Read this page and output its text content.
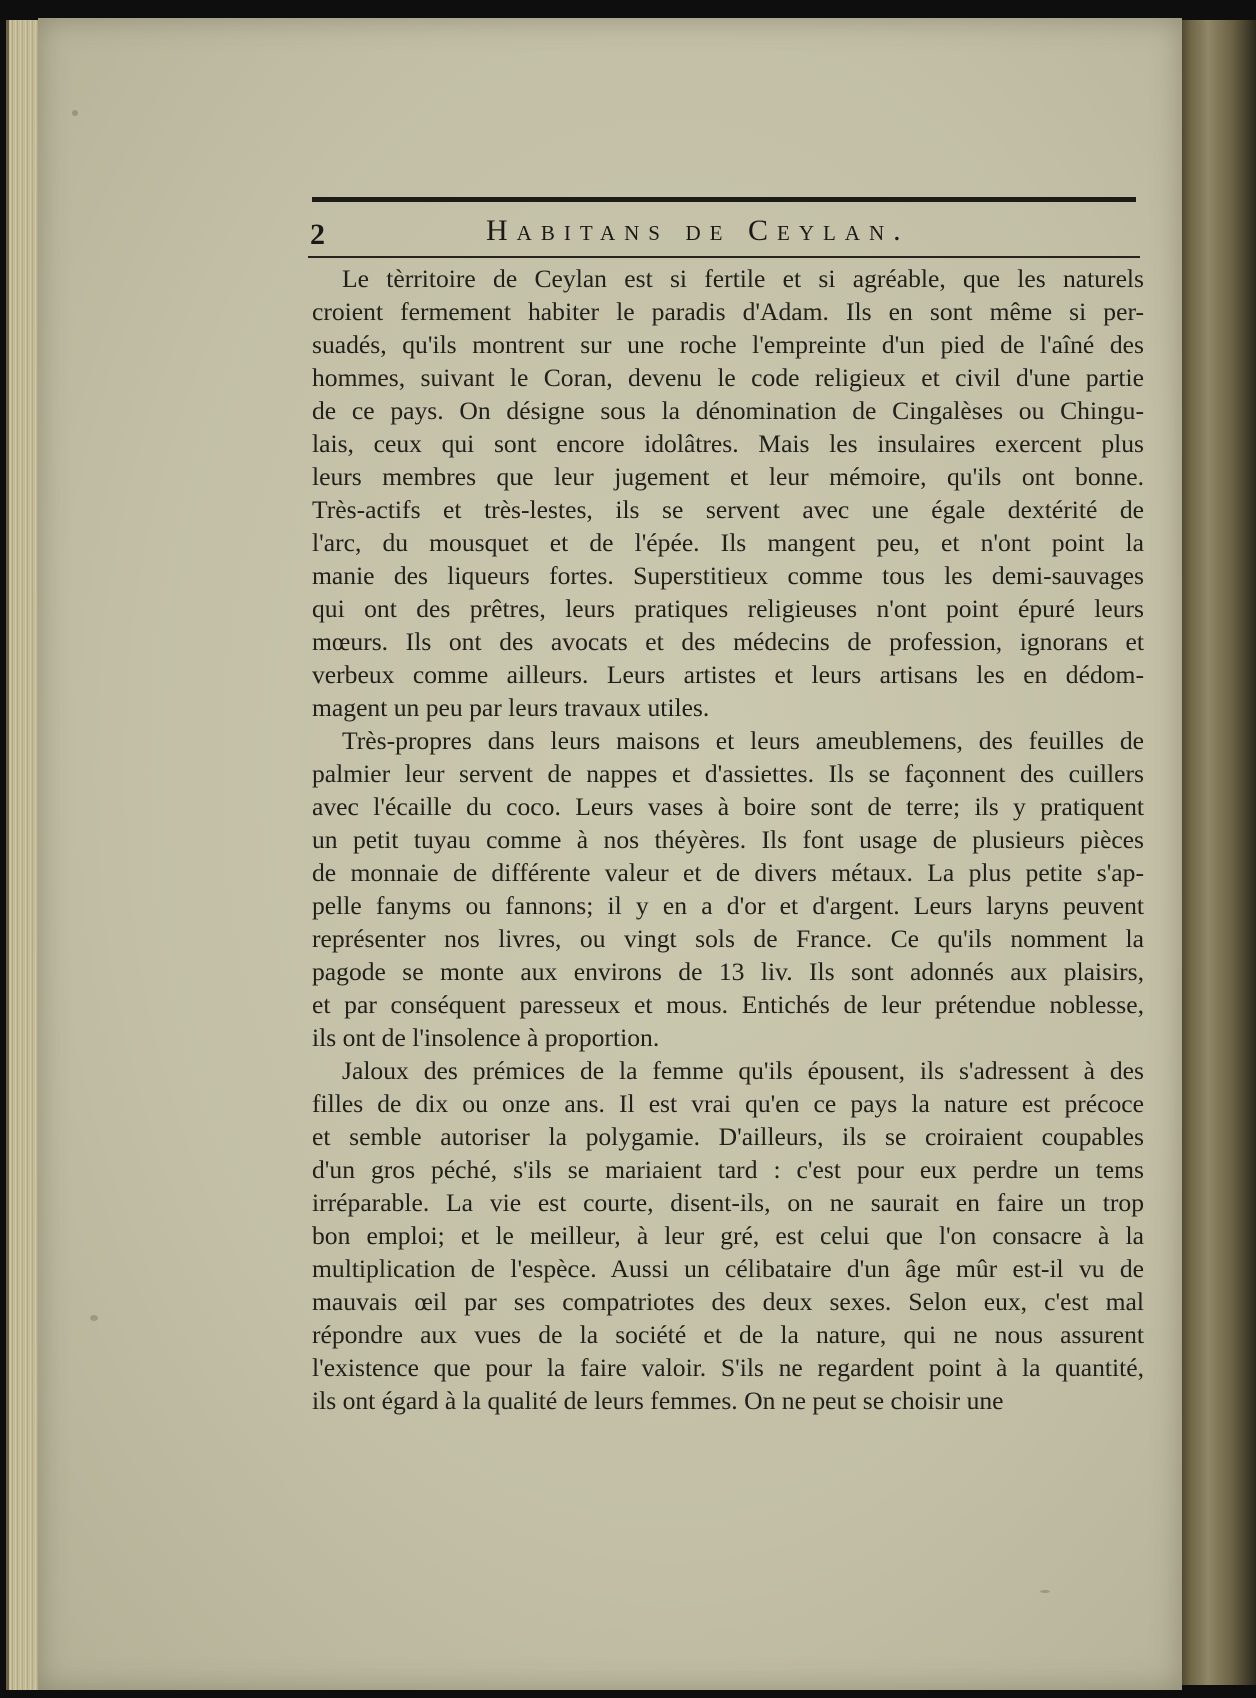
2	Habitans de Ceylan.
Le tèrritoire de Ceylan est si fertile et si agréable, que les naturels
croient fermement habiter le paradis d'Adam. Ils en sont même si per-
suadés, qu'ils montrent sur une roche l'empreinte d'un pied de l'aîné des
hommes, suivant le Coran, devenu le code religieux et civil d'une partie
de ce pays. On désigne sous la dénomination de Cingalèses ou Chingu-
lais, ceux qui sont encore idolâtres. Mais les insulaires exercent plus
leurs membres que leur jugement et leur mémoire, qu'ils ont bonne.
Très-actifs et très-lestes, ils se servent avec une égale dextérité de
l'arc, du mousquet et de l'épée. Ils mangent peu, et n'ont point la
manie des liqueurs fortes. Superstitieux comme tous les demi-sauvages
qui ont des prêtres, leurs pratiques religieuses n'ont point épuré leurs
mœurs. Ils ont des avocats et des médecins de profession, ignorans et
verbeux comme ailleurs. Leurs artistes et leurs artisans les en dédom-
magent un peu par leurs travaux utiles.
Très-propres dans leurs maisons et leurs ameublemens, des feuilles de
palmier leur servent de nappes et d'assiettes. Ils se façonnent des cuillers
avec l'écaille du coco. Leurs vases à boire sont de terre; ils y pratiquent
un petit tuyau comme à nos théyères. Ils font usage de plusieurs pièces
de monnaie de différente valeur et de divers métaux. La plus petite s'ap-
pelle fanyms ou fannons; il y en a d'or et d'argent. Leurs laryns peuvent
représenter nos livres, ou vingt sols de France. Ce qu'ils nomment la
pagode se monte aux environs de 13 liv. Ils sont adonnés aux plaisirs,
et par conséquent paresseux et mous. Entichés de leur prétendue noblesse,
ils ont de l'insolence à proportion.
Jaloux des prémices de la femme qu'ils épousent, ils s'adressent à des
filles de dix ou onze ans. Il est vrai qu'en ce pays la nature est précoce
et semble autoriser la polygamie. D'ailleurs, ils se croiraient coupables
d'un gros péché, s'ils se mariaient tard : c'est pour eux perdre un tems
irréparable. La vie est courte, disent-ils, on ne saurait en faire un trop
bon emploi; et le meilleur, à leur gré, est celui que l'on consacre à la
multiplication de l'espèce. Aussi un célibataire d'un âge mûr est-il vu de
mauvais œil par ses compatriotes des deux sexes. Selon eux, c'est mal
répondre aux vues de la société et de la nature, qui ne nous assurent
l'existence que pour la faire valoir. S'ils ne regardent point à la quantité,
ils ont égard à la qualité de leurs femmes. On ne peut se choisir une
